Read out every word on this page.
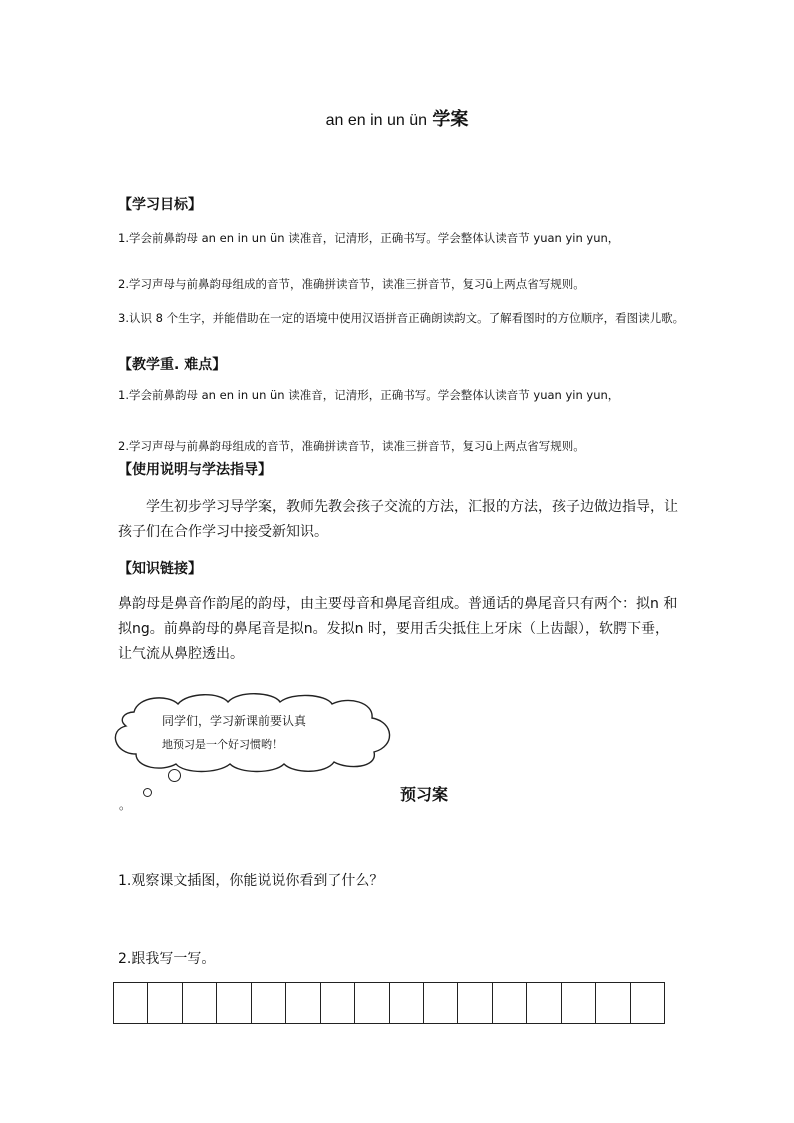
an en in un ün 学案
【学习目标】
1.学会前鼻韵母 an en in un ün 读准音，记清形，正确书写。学会整体认读音节 yuan yin yun，
2.学习声母与前鼻韵母组成的音节，准确拼读音节，读准三拼音节，复习ü上两点省写规则。
3.认识 8 个生字，并能借助在一定的语境中使用汉语拼音正确朗读韵文。了解看图时的方位顺序，看图读儿歌。
【教学重. 难点】
1.学会前鼻韵母 an en in un ün 读准音，记清形，正确书写。学会整体认读音节 yuan yin yun，
2.学习声母与前鼻韵母组成的音节，准确拼读音节，读准三拼音节，复习ü上两点省写规则。
【使用说明与学法指导】
学生初步学习导学案，教师先教会孩子交流的方法，汇报的方法，孩子边做边指导，让孩子们在合作学习中接受新知识。
【知识链接】
鼻韵母是鼻音作韵尾的韵母，由主要母音和鼻尾音组成。普通话的鼻尾音只有两个：拟n 和拟ng。前鼻韵母的鼻尾音是拟n。发拟n 时，要用舌尖抵住上牙床（上齿龈），软腭下垂，让气流从鼻腔透出。
同学们，学习新课前要认真
地预习是一个好习惯哟！
。
预习案
1.观察课文插图，你能说说你看到了什么？
2.跟我写一写。
